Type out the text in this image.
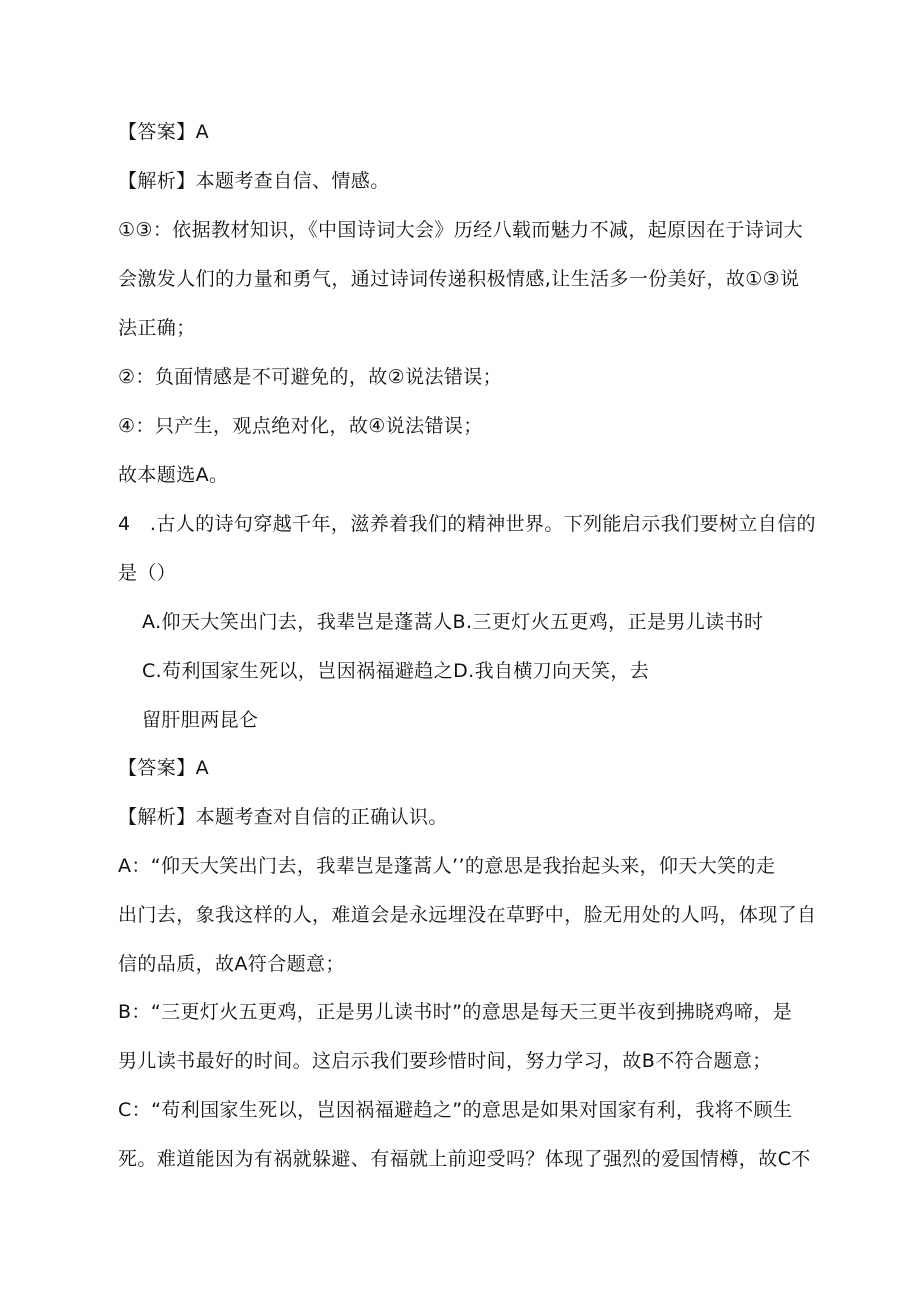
【答案】A
【解析】本题考查自信、情感。
①③：依据教材知识，《中国诗词大会》历经八载而魅力不减，起原因在于诗词大
会激发人们的力量和勇气，通过诗词传递积极情感,让生活多一份美好，故①③说
法正确；
②：负面情感是不可避免的，故②说法错误；
④：只产生，观点绝对化，故④说法错误；
故本题选A。
4　.古人的诗句穿越千年，滋养着我们的精神世界。下列能启示我们要树立自信的
是（）
A.仰天大笑出门去，我辈岂是蓬蒿人B.三更灯火五更鸡，正是男儿读书时
C.苟利国家生死以，岂因祸福避趋之D.我自横刀向天笑，去
留肝胆两昆仑
【答案】A
【解析】本题考查对自信的正确认识。
A：“仰天大笑出门去，我辈岂是蓬蒿人’’的意思是我抬起头来，仰天大笑的走
出门去，象我这样的人，难道会是永远埋没在草野中，脸无用处的人吗，体现了自
信的品质，故A符合题意；
B：“三更灯火五更鸡，正是男儿读书时”的意思是每天三更半夜到拂晓鸡啼，是
男儿读书最好的时间。这启示我们要珍惜时间，努力学习，故B不符合题意；
C：“苟利国家生死以，岂因祸福避趋之”的意思是如果对国家有利，我将不顾生
死。难道能因为有祸就躲避、有福就上前迎受吗？体现了强烈的爱国情樽，故C不
